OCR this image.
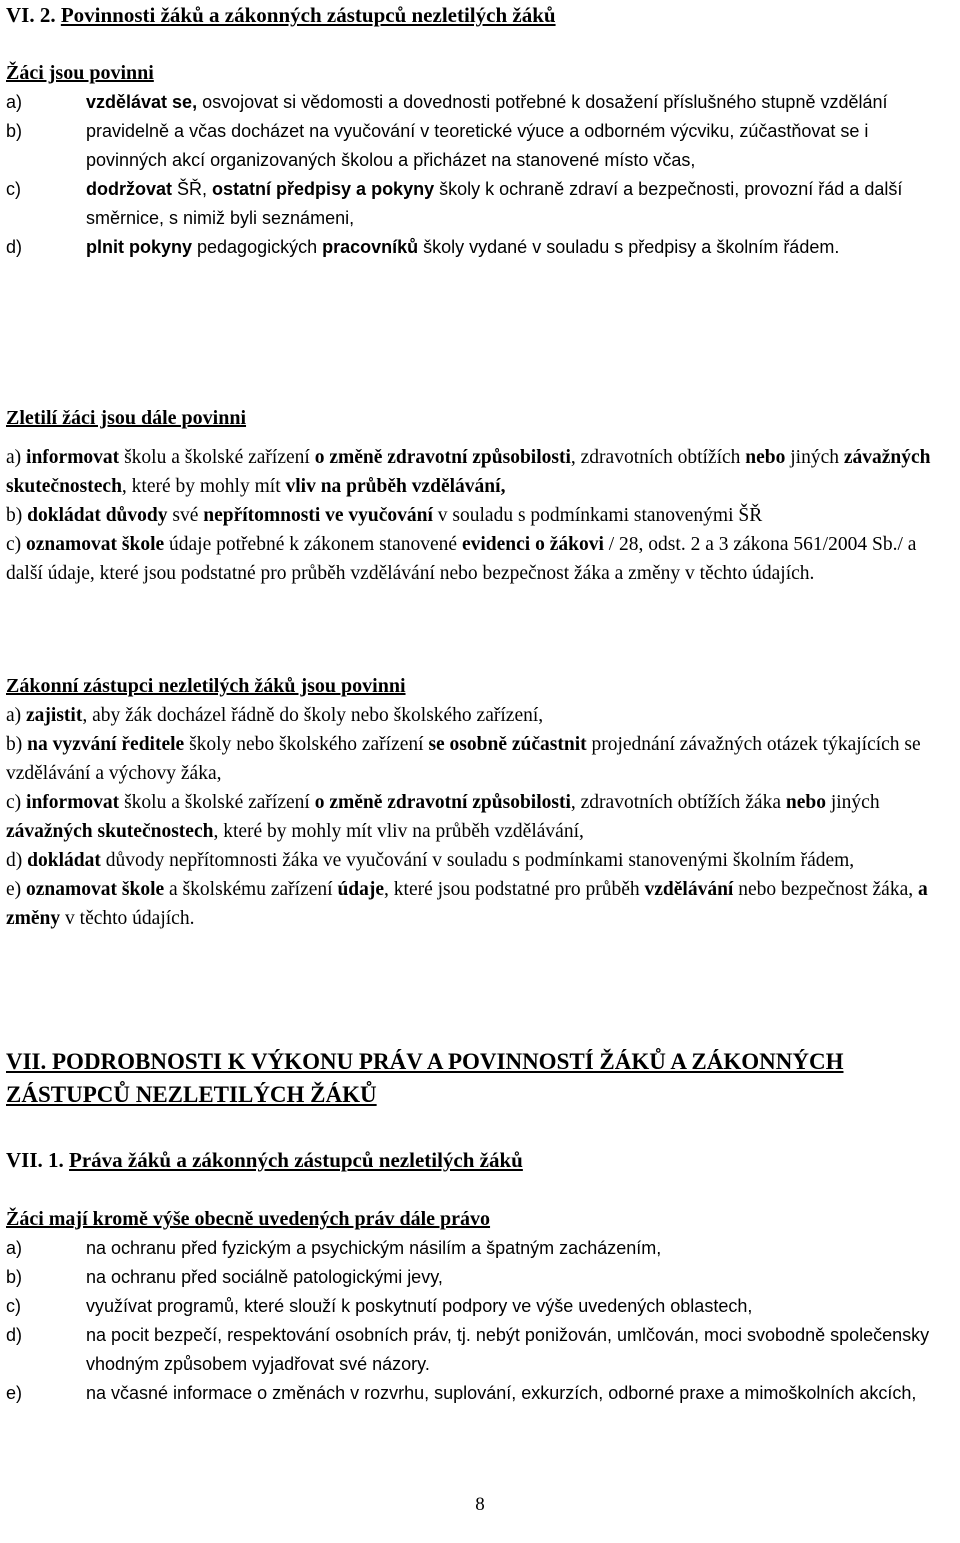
VI. 2. Povinnosti žáků a zákonných zástupců nezletilých žáků

Žáci jsou povinni

a)	vzdělávat se, osvojovat si vědomosti a dovednosti potřebné k dosažení příslušného stupně vzdělání
b)	pravidelně a včas docházet na vyučování v teoretické výuce a odborném výcviku, zúčastňovat se i povinných akcí organizovaných školou a přicházet na stanovené místo včas,
c)	dodržovat ŠŘ, ostatní předpisy a pokyny školy k ochraně zdraví a bezpečnosti, provozní řád a další směrnice, s nimiž byli seznámeni,
d)	plnit pokyny pedagogických pracovníků školy vydané v souladu s předpisy a školním řádem.

Zletilí žáci jsou dále povinni

a) informovat školu a školské zařízení o změně zdravotní způsobilosti, zdravotních obtížích nebo jiných závažných skutečnostech, které by mohly mít vliv na průběh vzdělávání,
b) dokládat důvody své nepřítomnosti ve vyučování v souladu s podmínkami stanovenými ŠŘ
c) oznamovat škole údaje potřebné k zákonem stanovené evidenci o žákovi / 28, odst. 2 a 3 zákona 561/2004 Sb./ a další údaje, které jsou podstatné pro průběh vzdělávání nebo bezpečnost žáka a změny v těchto údajích.

Zákonní zástupci nezletilých žáků jsou povinni

a) zajistit, aby žák docházel řádně do školy nebo školského zařízení,
b) na vyzvání ředitele školy nebo školského zařízení se osobně zúčastnit projednání závažných otázek týkajících se vzdělávání a výchovy žáka,
c) informovat školu a školské zařízení o změně zdravotní způsobilosti, zdravotních obtížích žáka nebo jiných závažných skutečnostech, které by mohly mít vliv na průběh vzdělávání,
d) dokládat důvody nepřítomnosti žáka ve vyučování v souladu s podmínkami stanovenými školním řádem,
e) oznamovat škole a školskému zařízení údaje, které jsou podstatné pro průběh vzdělávání nebo bezpečnost žáka, a změny v těchto údajích.
VII. PODROBNOSTI K VÝKONU PRÁV A POVINNOSTÍ ŽÁKŮ A ZÁKONNÝCH ZÁSTUPCŮ NEZLETILÝCH ŽÁKŮ
VII. 1. Práva žáků a zákonných zástupců nezletilých žáků

Žáci mají kromě výše obecně uvedených práv dále právo

a)	na ochranu před fyzickým a psychickým násilím a špatným zacházením,
b)	na ochranu před sociálně patologickými jevy,
c)	využívat programů, které slouží k poskytnutí podpory ve výše uvedených oblastech,
d)	na pocit bezpečí, respektování osobních práv, tj. nebýt ponižován, umlčován, moci svobodně společensky vhodným způsobem vyjadřovat své názory.
e)	na včasné informace o změnách v rozvrhu, suplování, exkurzích, odborné praxe a mimoškolních akcích,
8
